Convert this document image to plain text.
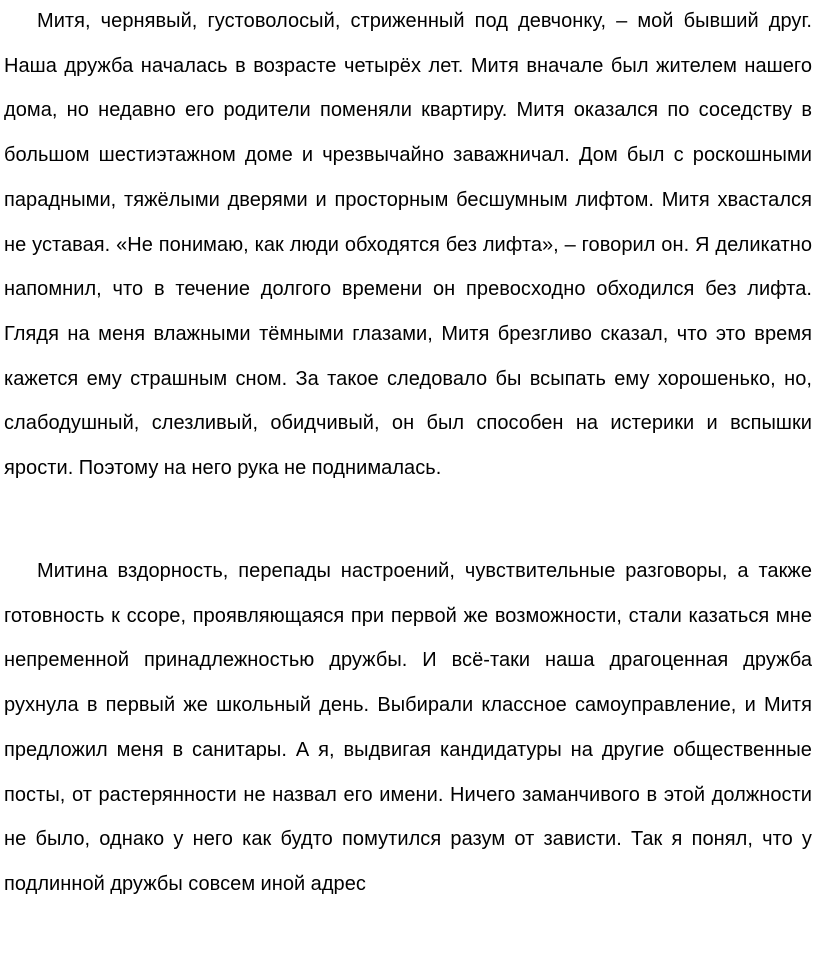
Митя, чернявый, густоволосый, стриженный под девчонку, – мой бывший друг. Наша дружба началась в возрасте четырёх лет. Митя вначале был жителем нашего дома, но недавно его родители поменяли квартиру. Митя оказался по соседству в большом шестиэтажном доме и чрезвычайно заважничал. Дом был с роскошными парадными, тяжёлыми дверями и просторным бесшумным лифтом. Митя хвастался не уставая. «Не понимаю, как люди обходятся без лифта», – говорил он. Я деликатно напомнил, что в течение долгого времени он превосходно обходился без лифта. Глядя на меня влажными тёмными глазами, Митя брезгливо сказал, что это время кажется ему страшным сном. За такое следовало бы всыпать ему хорошенько, но, слабодушный, слезливый, обидчивый, он был способен на истерики и вспышки ярости. Поэтому на него рука не поднималась.

Митина вздорность, перепады настроений, чувствительные разговоры, а также готовность к ссоре, проявляющаяся при первой же возможности, стали казаться мне непременной принадлежностью дружбы. И всё-таки наша драгоценная дружба рухнула в первый же школьный день. Выбирали классное самоуправление, и Митя предложил меня в санитары. А я, выдвигая кандидатуры на другие общественные посты, от растерянности не назвал его имени. Ничего заманчивого в этой должности не было, однако у него как будто помутился разум от зависти. Так я понял, что у подлинной дружбы совсем иной адрес
